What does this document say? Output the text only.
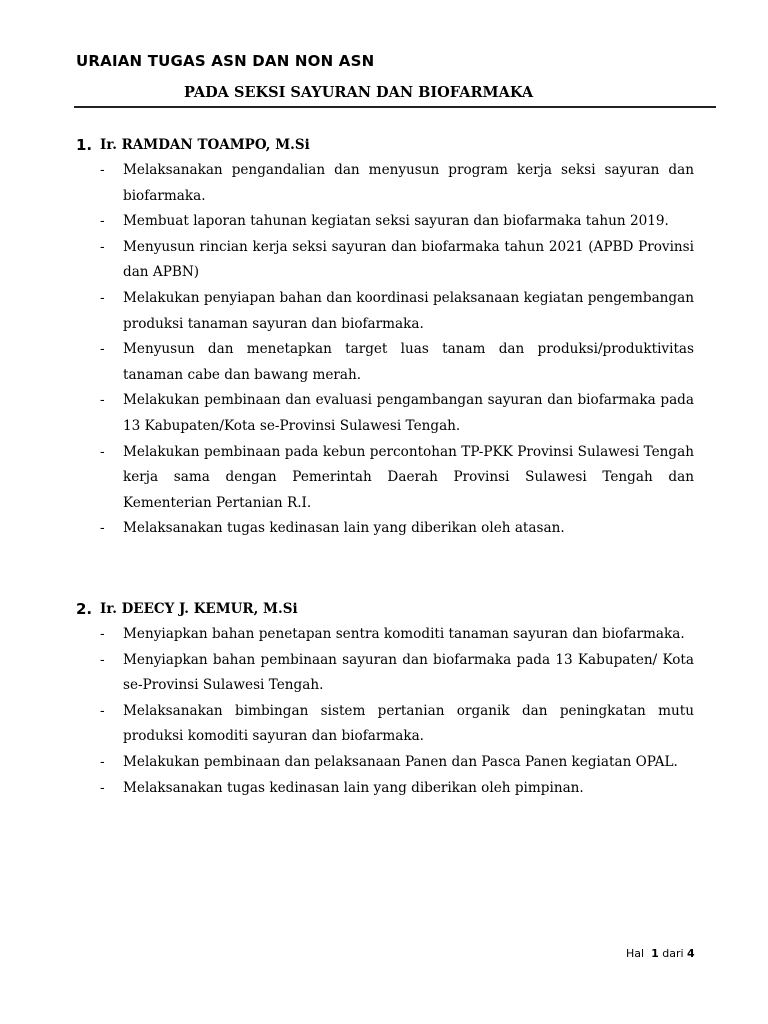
URAIAN TUGAS ASN DAN NON ASN
PADA SEKSI SAYURAN DAN BIOFARMAKA
1. Ir. RAMDAN TOAMPO, M.Si
- Melaksanakan pengandalian dan menyusun program kerja seksi sayuran dan biofarmaka.
- Membuat laporan tahunan kegiatan seksi sayuran dan biofarmaka tahun 2019.
- Menyusun rincian kerja seksi sayuran dan biofarmaka tahun 2021 (APBD Provinsi dan APBN)
- Melakukan penyiapan bahan dan koordinasi pelaksanaan kegiatan pengembangan produksi tanaman sayuran dan biofarmaka.
- Menyusun dan menetapkan target luas tanam dan produksi/produktivitas tanaman cabe dan bawang merah.
- Melakukan pembinaan dan evaluasi pengambangan sayuran dan biofarmaka pada 13 Kabupaten/Kota se-Provinsi Sulawesi Tengah.
- Melakukan pembinaan pada kebun percontohan TP-PKK Provinsi Sulawesi Tengah kerja sama dengan Pemerintah Daerah Provinsi Sulawesi Tengah dan Kementerian Pertanian R.I.
- Melaksanakan tugas kedinasan lain yang diberikan oleh atasan.
2. Ir. DEECY J. KEMUR, M.Si
- Menyiapkan bahan penetapan sentra komoditi tanaman sayuran dan biofarmaka.
- Menyiapkan bahan pembinaan sayuran dan biofarmaka pada 13 Kabupaten/ Kota se-Provinsi Sulawesi Tengah.
- Melaksanakan bimbingan sistem pertanian organik dan peningkatan mutu produksi komoditi sayuran dan biofarmaka.
- Melakukan pembinaan dan pelaksanaan Panen dan Pasca Panen kegiatan OPAL.
- Melaksanakan tugas kedinasan lain yang diberikan oleh pimpinan.
Hal 1 dari 4
